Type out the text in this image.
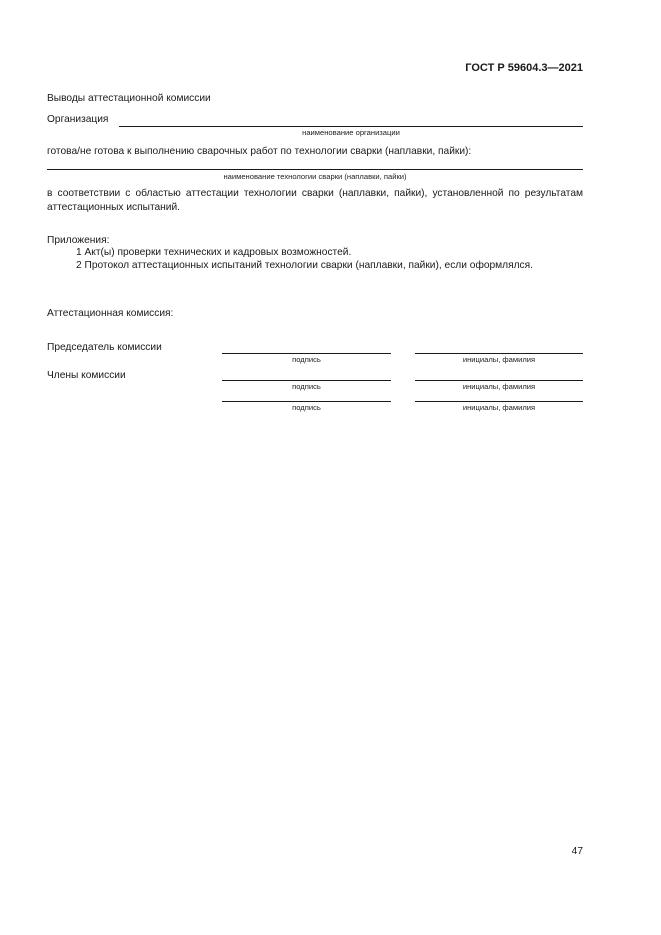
ГОСТ Р 59604.3—2021
Выводы аттестационной комиссии
Организация
наименование организации
готова/не готова к выполнению сварочных работ по технологии сварки (наплавки, пайки):
наименование технологии сварки (наплавки, пайки)
в соответствии с областью аттестации технологии сварки (наплавки, пайки), установленной по результатам аттестационных испытаний.
Приложения:
1 Акт(ы) проверки технических и кадровых возможностей.
2 Протокол аттестационных испытаний технологии сварки (наплавки, пайки), если оформлялся.
Аттестационная комиссия:
Председатель комиссии
подпись	инициалы, фамилия
Члены комиссии
подпись	инициалы, фамилия
подпись	инициалы, фамилия
47
